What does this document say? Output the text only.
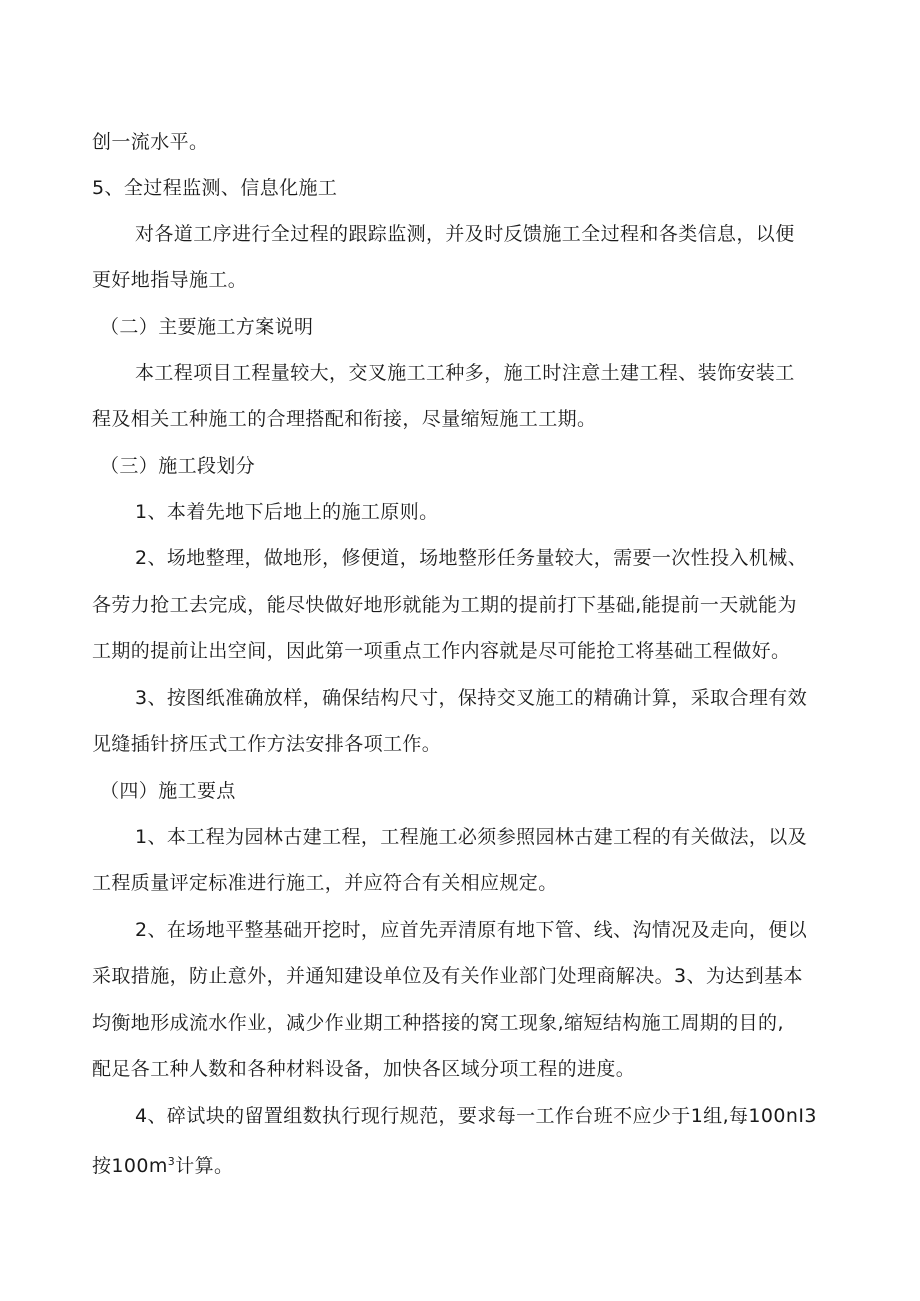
创一流水平。

5、全过程监测、信息化施工

对各道工序进行全过程的跟踪监测，并及时反馈施工全过程和各类信息，以便

更好地指导施工。

（二）主要施工方案说明

本工程项目工程量较大，交叉施工工种多，施工时注意土建工程、装饰安装工

程及相关工种施工的合理搭配和衔接，尽量缩短施工工期。

（三）施工段划分

1、本着先地下后地上的施工原则。

2、场地整理，做地形，修便道，场地整形任务量较大，需要一次性投入机械、

各劳力抢工去完成，能尽快做好地形就能为工期的提前打下基础,能提前一天就能为

工期的提前让出空间，因此第一项重点工作内容就是尽可能抢工将基础工程做好。

3、按图纸准确放样，确保结构尺寸，保持交叉施工的精确计算，采取合理有效

见缝插针挤压式工作方法安排各项工作。

（四）施工要点

1、本工程为园林古建工程，工程施工必须参照园林古建工程的有关做法，以及

工程质量评定标准进行施工，并应符合有关相应规定。

2、在场地平整基础开挖时，应首先弄清原有地下管、线、沟情况及走向，便以

采取措施，防止意外，并通知建设单位及有关作业部门处理商解决。3、为达到基本

均衡地形成流水作业，减少作业期工种搭接的窝工现象,缩短结构施工周期的目的,

配足各工种人数和各种材料设备，加快各区域分项工程的进度。

4、碎试块的留置组数执行现行规范，要求每一工作台班不应少于1组,每100nI3

按$100m^3$计算。
